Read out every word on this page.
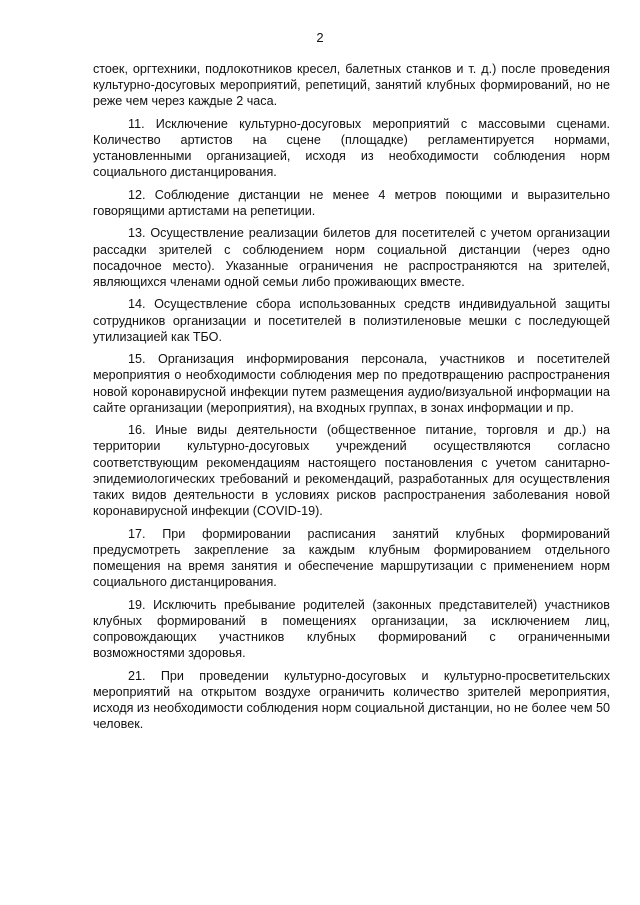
2

стоек, оргтехники, подлокотников кресел, балетных станков и т. д.) после проведения культурно-досуговых мероприятий, репетиций, занятий клубных формирований, но не реже чем через каждые 2 часа.

11. Исключение культурно-досуговых мероприятий с массовыми сценами. Количество артистов на сцене (площадке) регламентируется нормами, установленными организацией, исходя из необходимости соблюдения норм социального дистанцирования.

12. Соблюдение дистанции не менее 4 метров поющими и выразительно говорящими артистами на репетиции.

13. Осуществление реализации билетов для посетителей с учетом организации рассадки зрителей с соблюдением норм социальной дистанции (через одно посадочное место). Указанные ограничения не распространяются на зрителей, являющихся членами одной семьи либо проживающих вместе.

14. Осуществление сбора использованных средств индивидуальной защиты сотрудников организации и посетителей в полиэтиленовые мешки с последующей утилизацией как ТБО.

15. Организация информирования персонала, участников и посетителей мероприятия о необходимости соблюдения мер по предотвращению распространения новой коронавирусной инфекции путем размещения аудио/визуальной информации на сайте организации (мероприятия), на входных группах, в зонах информации и пр.

16. Иные виды деятельности (общественное питание, торговля и др.) на территории культурно-досуговых учреждений осуществляются согласно соответствующим рекомендациям настоящего постановления с учетом санитарно-эпидемиологических требований и рекомендаций, разработанных для осуществления таких видов деятельности в условиях рисков распространения заболевания новой коронавирусной инфекции (COVID-19).

17. При формировании расписания занятий клубных формирований предусмотреть закрепление за каждым клубным формированием отдельного помещения на время занятия и обеспечение маршрутизации с применением норм социального дистанцирования.

19. Исключить пребывание родителей (законных представителей) участников клубных формирований в помещениях организации, за исключением лиц, сопровождающих участников клубных формирований с ограниченными возможностями здоровья.

21. При проведении культурно-досуговых и культурно-просветительских мероприятий на открытом воздухе ограничить количество зрителей мероприятия, исходя из необходимости соблюдения норм социальной дистанции, но не более чем 50 человек.
